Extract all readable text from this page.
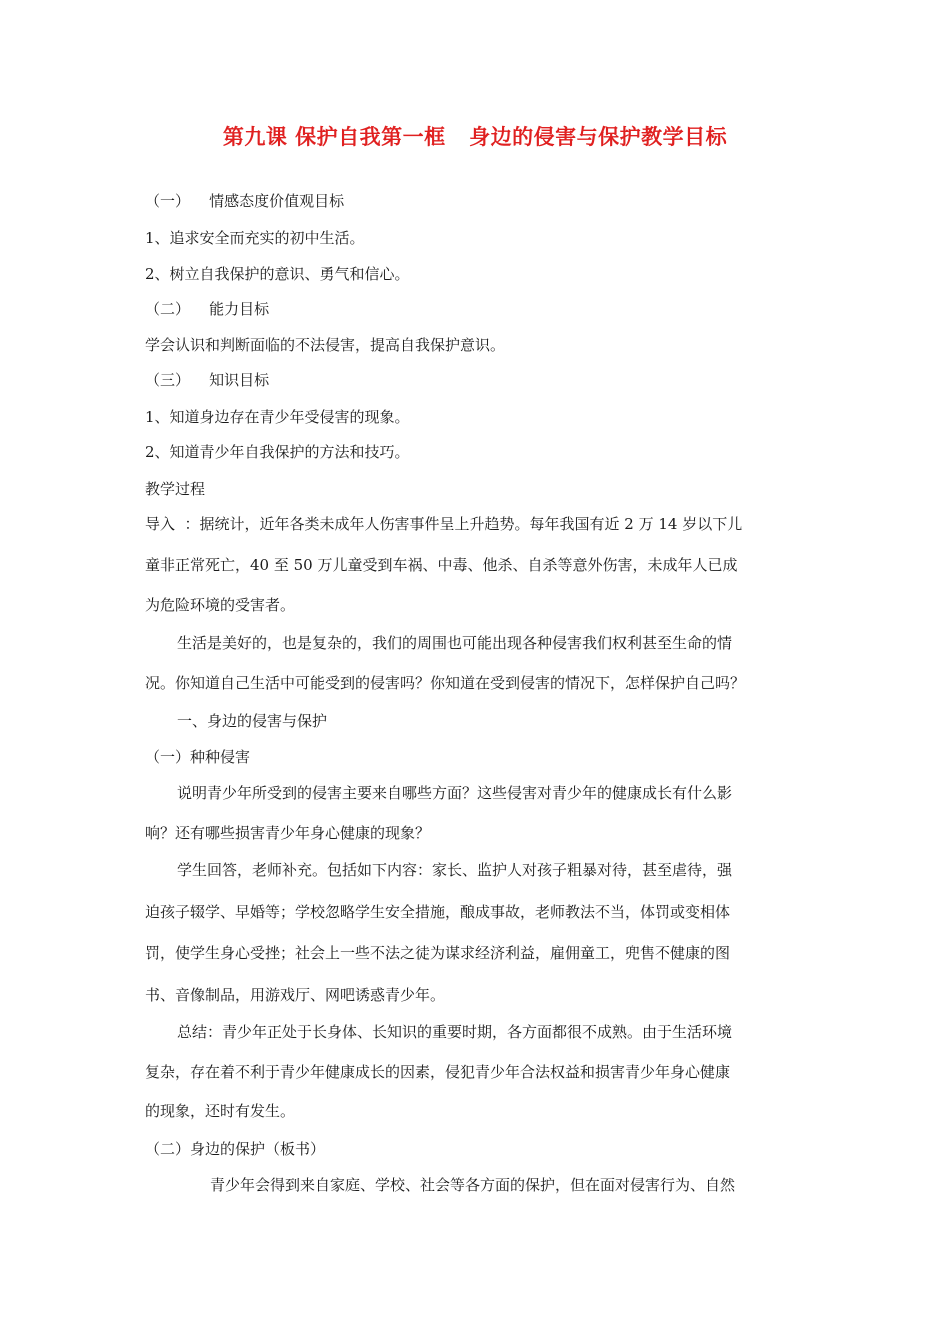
第九课 保护自我第一框   身边的侵害与保护教学目标
（一）    情感态度价值观目标
1、追求安全而充实的初中生活。
2、树立自我保护的意识、勇气和信心。
（二）    能力目标
学会认识和判断面临的不法侵害，提高自我保护意识。
（三）    知识目标
1、知道身边存在青少年受侵害的现象。
2、知道青少年自我保护的方法和技巧。
教学过程
导入  ：据统计，近年各类未成年人伤害事件呈上升趋势。每年我国有近 2 万 14 岁以下儿
童非正常死亡，40 至 50 万儿童受到车祸、中毒、他杀、自杀等意外伤害，未成年人已成
为危险环境的受害者。
生活是美好的，也是复杂的，我们的周围也可能出现各种侵害我们权利甚至生命的情
况。你知道自己生活中可能受到的侵害吗？你知道在受到侵害的情况下，怎样保护自己吗？
一、身边的侵害与保护
（一）种种侵害
说明青少年所受到的侵害主要来自哪些方面？这些侵害对青少年的健康成长有什么影
响？还有哪些损害青少年身心健康的现象？
学生回答，老师补充。包括如下内容：家长、监护人对孩子粗暴对待，甚至虐待，强
迫孩子辍学、早婚等；学校忽略学生安全措施，酿成事故，老师教法不当，体罚或变相体
罚，使学生身心受挫；社会上一些不法之徒为谋求经济利益，雇佣童工，兜售不健康的图
书、音像制品，用游戏厅、网吧诱惑青少年。
总结：青少年正处于长身体、长知识的重要时期，各方面都很不成熟。由于生活环境
复杂，存在着不利于青少年健康成长的因素，侵犯青少年合法权益和损害青少年身心健康
的现象，还时有发生。
（二）身边的保护（板书）
青少年会得到来自家庭、学校、社会等各方面的保护，但在面对侵害行为、自然
